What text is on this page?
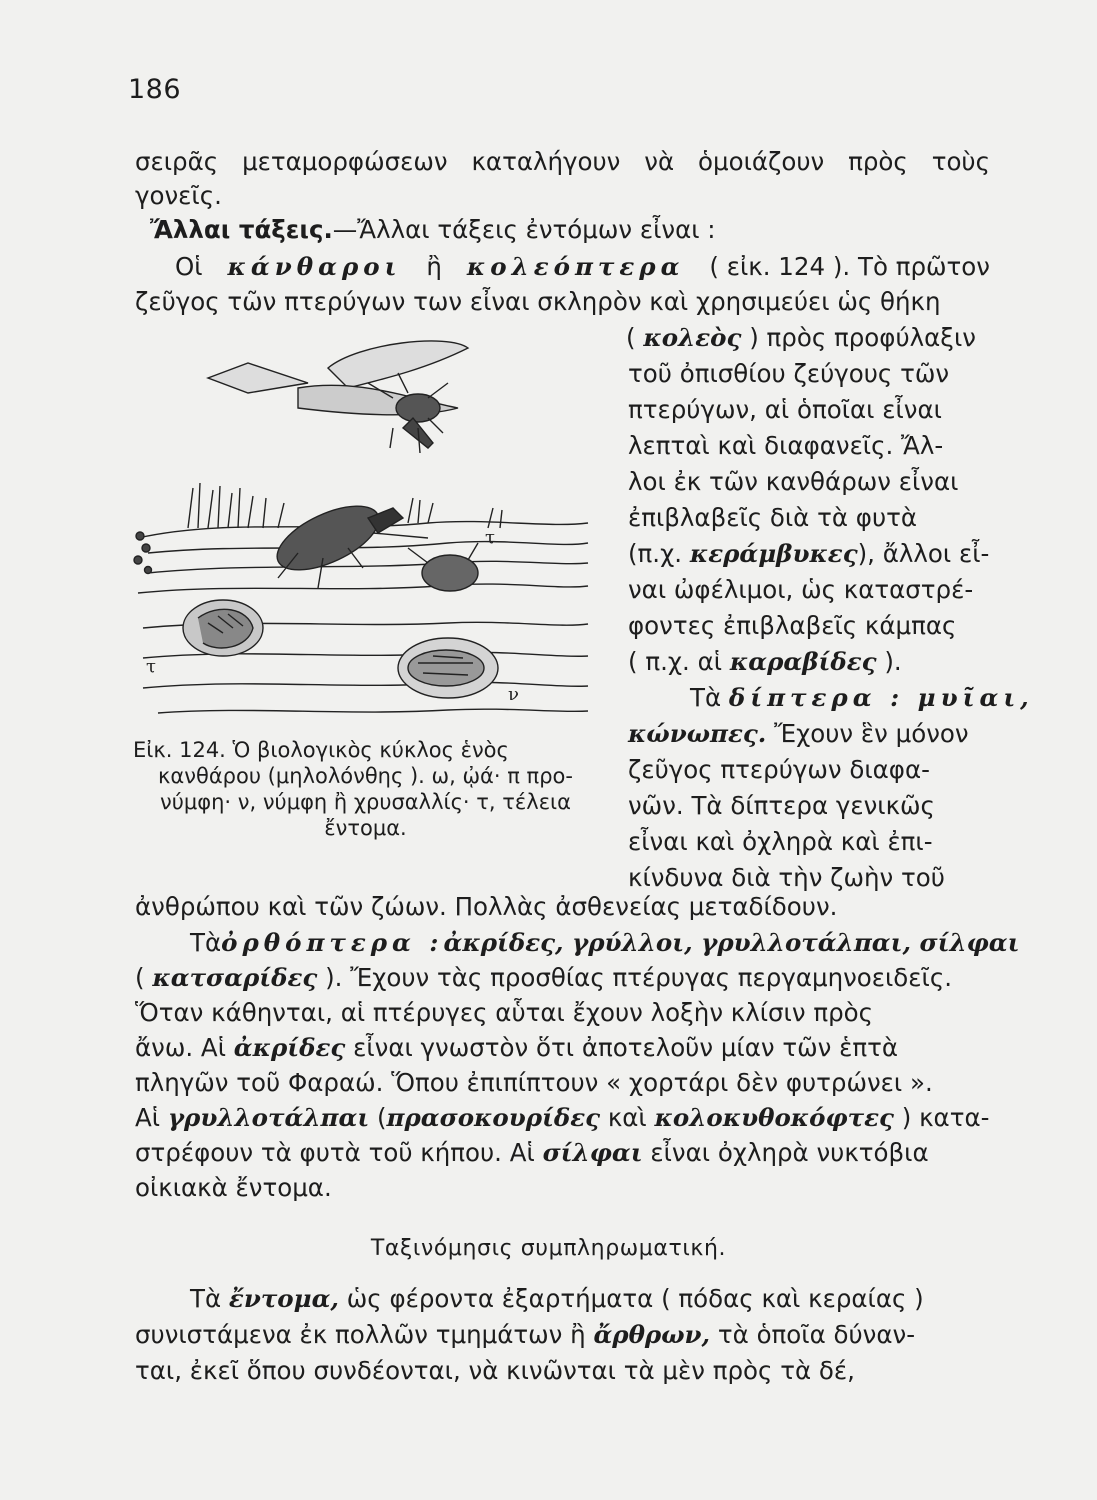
186
σειρᾶς μεταμορφώσεων καταλήγουν νὰ ὁμοιάζουν πρὸς τοὺς
γονεῖς.
Ἄλλαι τάξεις.—Ἄλλαι τάξεις ἐντόμων εἶναι :
Οἱ κάνθαροι ἢ κολεόπτερα ( εἰκ. 124 ). Τὸ πρῶτον
ζεῦγος τῶν πτερύγων των εἶναι σκληρὸν καὶ χρησιμεύει ὡς θήκη
( κολεὸς ) πρὸς προφύλαξιν
τοῦ ὀπισθίου ζεύγους τῶν
πτερύγων, αἱ ὁποῖαι εἶναι
λεπταὶ καὶ διαφανεῖς. Ἄλ-
λοι ἐκ τῶν κανθάρων εἶναι
ἐπιβλαβεῖς διὰ τὰ φυτὰ
(π.χ. κεράμβυκες), ἄλλοι εἶ-
ναι ὠφέλιμοι, ὡς καταστρέ-
φοντες ἐπιβλαβεῖς κάμπας
( π.χ. αἱ καραβίδες ).
Τὰ δίπτερα : μυῖαι,
κώνωπες. Ἔχουν ἓν μόνον
ζεῦγος πτερύγων διαφα-
νῶν. Τὰ δίπτερα γενικῶς
εἶναι καὶ ὀχληρὰ καὶ ἐπι-
κίνδυνα διὰ τὴν ζωὴν τοῦ
τ
τ
ν
Εἰκ. 124. Ὁ βιολογικὸς κύκλος ἑνὸς
κανθάρου (μηλολόνθης ). ω, ᾠά· π προ-
νύμφη· ν, νύμφη ἢ χρυσαλλίς· τ, τέλεια
ἔντομα.
ἀνθρώπου καὶ τῶν ζώων. Πολλὰς ἀσθενείας μεταδίδουν.
Τὰ ὀρθόπτερα : ἀκρίδες, γρύλλοι, γρυλλοτάλπαι, σίλφαι
( κατσαρίδες ). Ἔχουν τὰς προσθίας πτέρυγας περγαμηνοειδεῖς.
Ὅταν κάθηνται, αἱ πτέρυγες αὗται ἔχουν λοξὴν κλίσιν πρὸς
ἄνω. Αἱ ἀκρίδες εἶναι γνωστὸν ὅτι ἀποτελοῦν μίαν τῶν ἑπτὰ
πληγῶν τοῦ Φαραώ. Ὅπου ἐπιπίπτουν « χορτάρι δὲν φυτρώνει ».
Αἱ γρυλλοτάλπαι (πρασοκουρίδες καὶ κολοκυθοκόφτες ) κατα-
στρέφουν τὰ φυτὰ τοῦ κήπου. Αἱ σίλφαι εἶναι ὀχληρὰ νυκτόβια
οἰκιακὰ ἔντομα.
Ταξινόμησις συμπληρωματική.
Τὰ ἔντομα, ὡς φέροντα ἐξαρτήματα ( πόδας καὶ κεραίας )
συνιστάμενα ἐκ πολλῶν τμημάτων ἢ ἄρθρων, τὰ ὁποῖα δύναν-
ται, ἐκεῖ ὅπου συνδέονται, νὰ κινῶνται τὰ μὲν πρὸς τὰ δέ,
